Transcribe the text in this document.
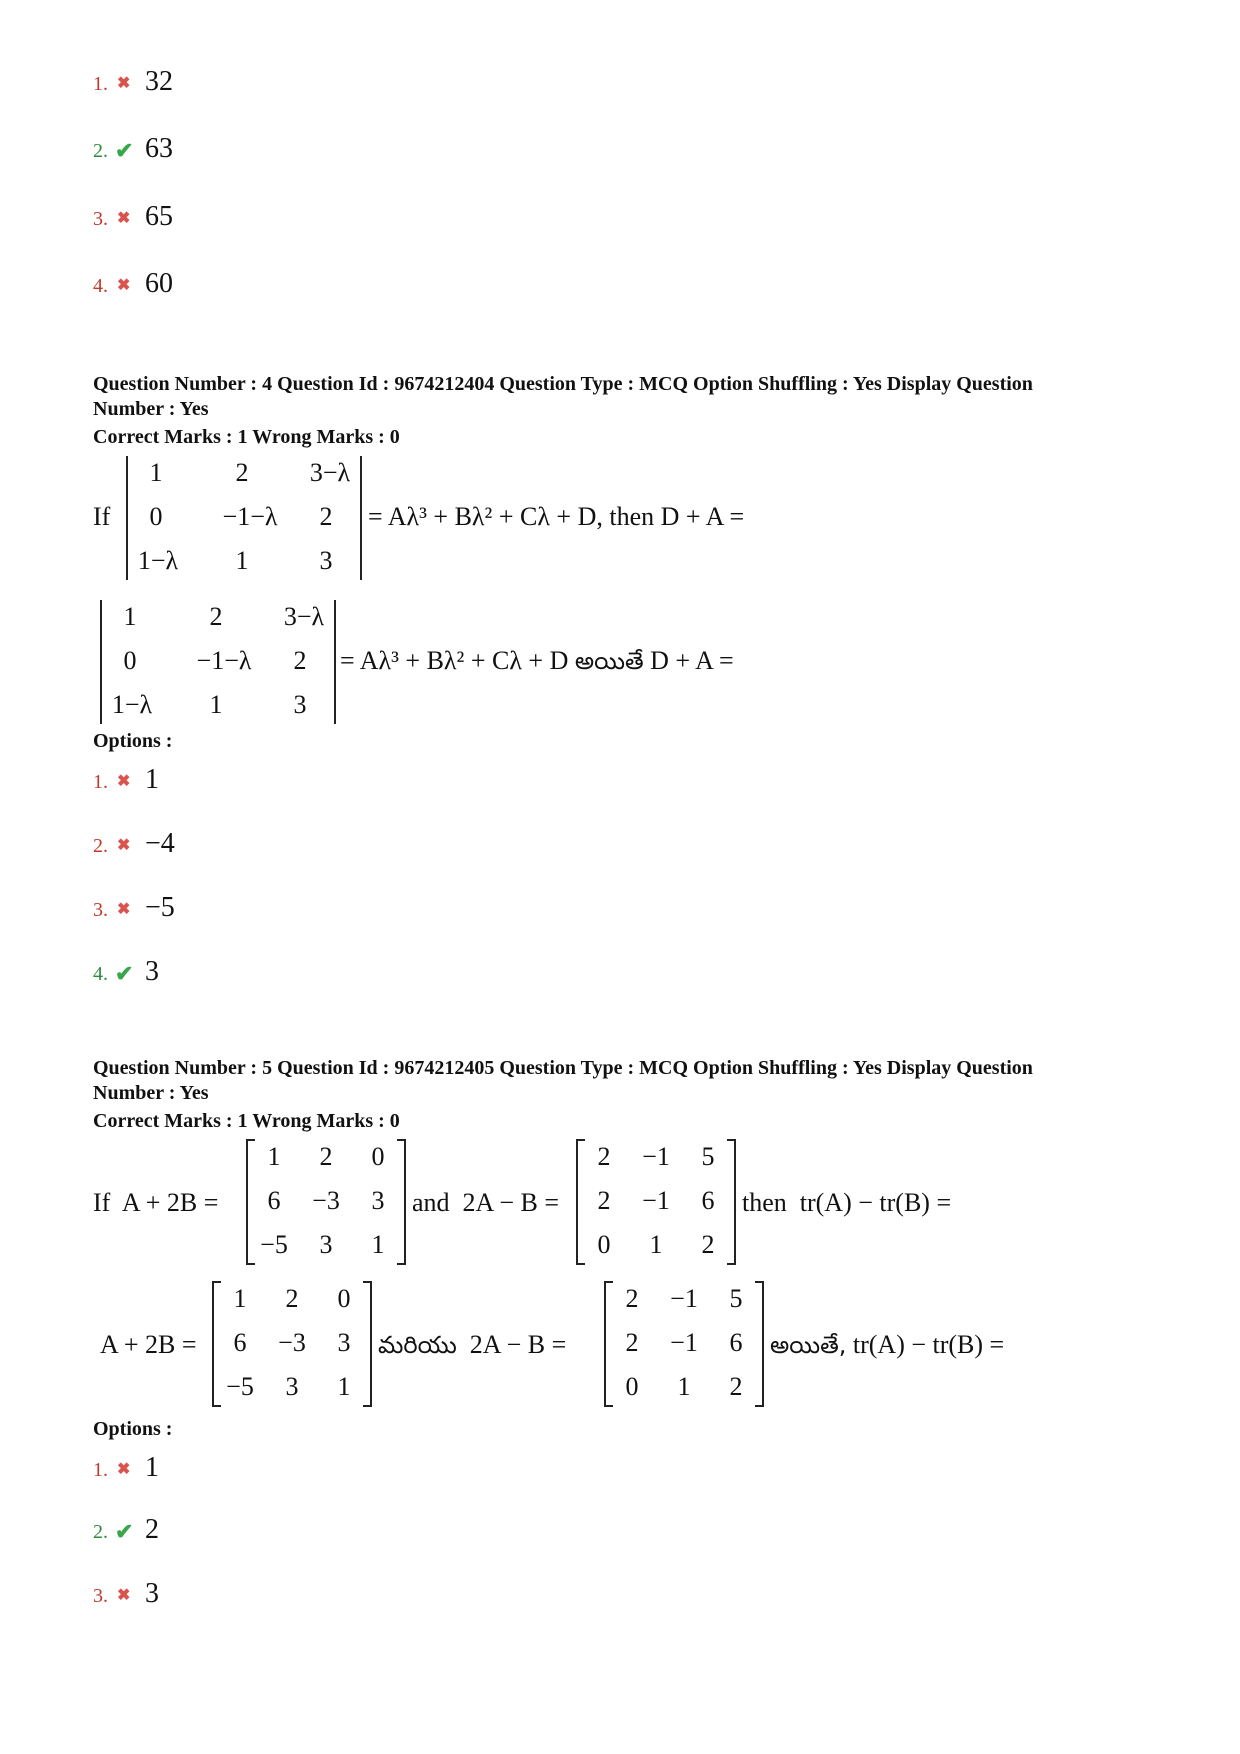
1. ✖ 32
2. ✔ 63
3. ✖ 65
4. ✖ 60
Question Number : 4 Question Id : 9674212404 Question Type : MCQ Option Shuffling : Yes Display Question
Number : Yes
Correct Marks : 1 Wrong Marks : 0
If
1	2	3−λ
0	−1−λ	2
1−λ	1	3
= Aλ³ + Bλ² + Cλ + D, then D + A =
1	2	3−λ
0	−1−λ	2
1−λ	1	3
= Aλ³ + Bλ² + Cλ + D అయితే D + A =
Options :
1. ✖ 1
2. ✖ −4
3. ✖ −5
4. ✔ 3
Question Number : 5 Question Id : 9674212405 Question Type : MCQ Option Shuffling : Yes Display Question
Number : Yes
Correct Marks : 1 Wrong Marks : 0
If A + 2B =
1	2	0
6	−3	3
−5	3	1
and 2A − B =
2	−1	5
2	−1	6
0	1	2
then tr(A) − tr(B) =
A + 2B =
1	2	0
6	−3	3
−5	3	1
మరియు 2A − B =
2	−1	5
2	−1	6
0	1	2
అయితే, tr(A) − tr(B) =
Options :
1. ✖ 1
2. ✔ 2
3. ✖ 3
